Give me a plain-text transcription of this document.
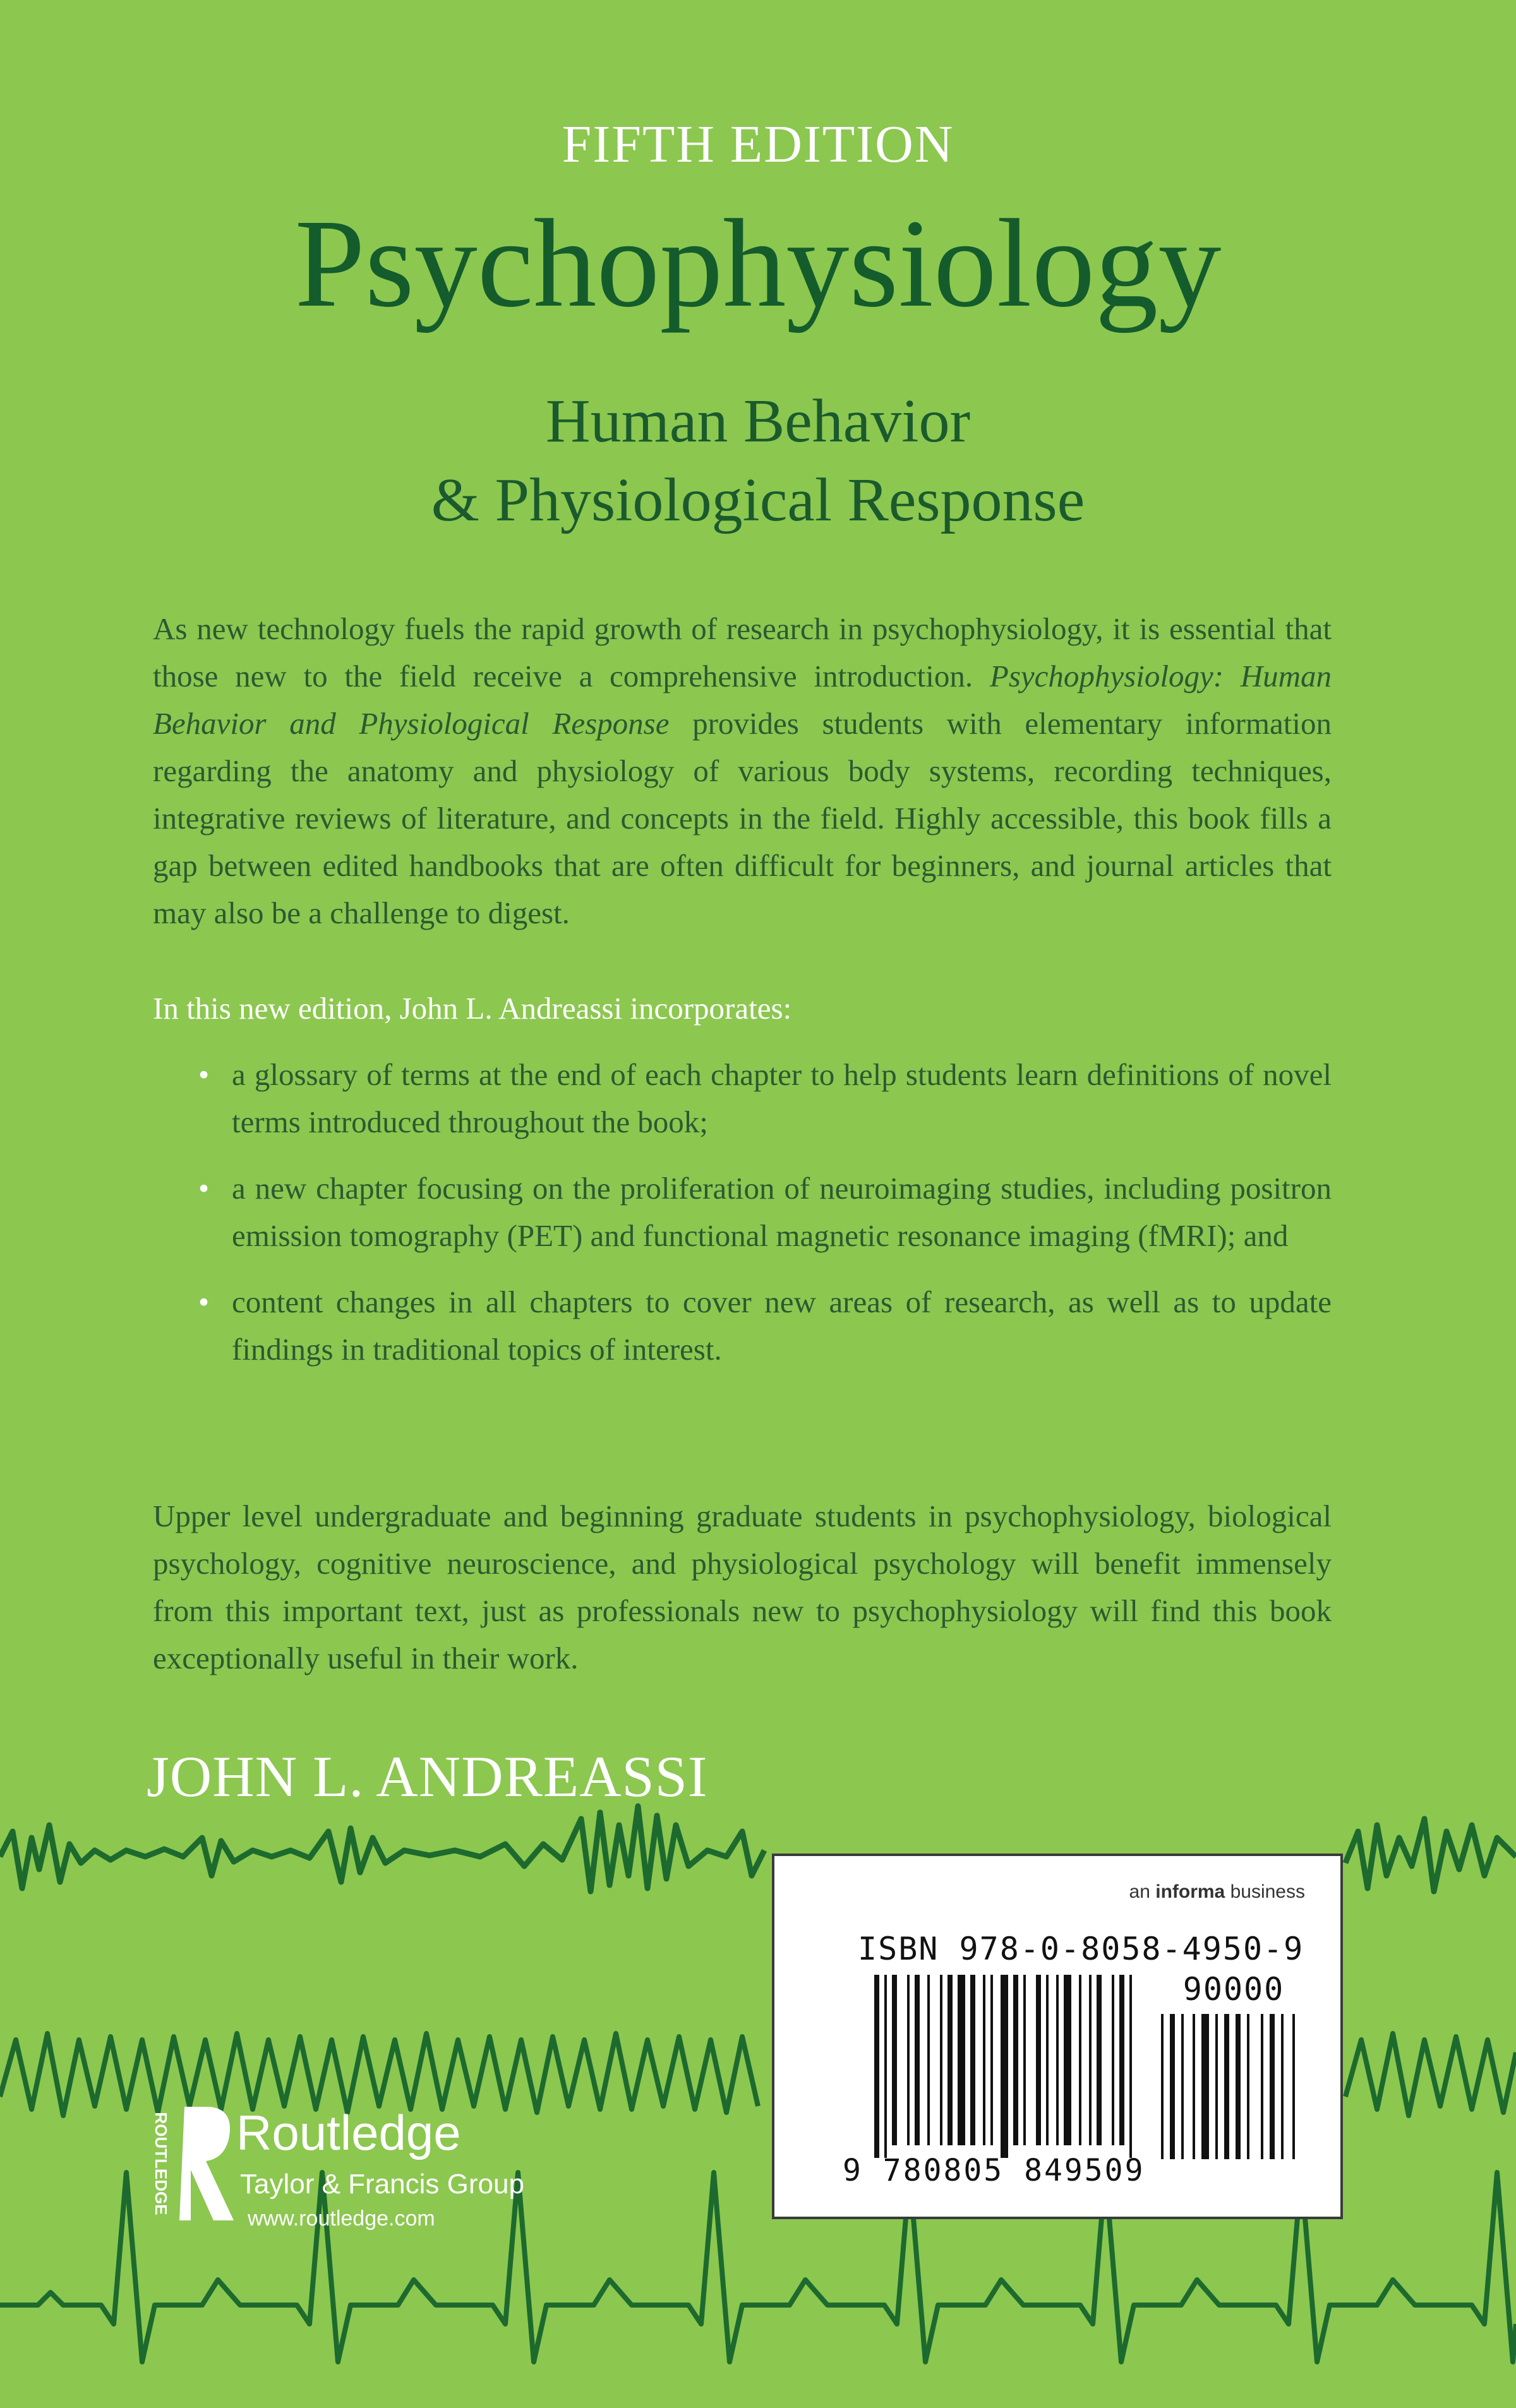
FIFTH EDITION
Psychophysiology
Human Behavior
& Physiological Response
As new technology fuels the rapid growth of research in psychophysiology, it is essential that those new to the field receive a comprehensive introduction. Psychophysiology: Human Behavior and Physiological Response provides students with elementary information regarding the anatomy and physiology of various body systems, recording techniques, integrative reviews of literature, and concepts in the field. Highly accessible, this book fills a gap between edited handbooks that are often difficult for beginners, and journal articles that may also be a challenge to digest.
In this new edition, John L. Andreassi incorporates:
• a glossary of terms at the end of each chapter to help students learn definitions of novel terms introduced throughout the book;
• a new chapter focusing on the proliferation of neuroimaging studies, including positron emission tomography (PET) and functional magnetic resonance imaging (fMRI); and
• content changes in all chapters to cover new areas of research, as well as to update findings in traditional topics of interest.
Upper level undergraduate and beginning graduate students in psychophysiology, biological psychology, cognitive neuroscience, and physiological psychology will benefit immensely from this important text, just as professionals new to psychophysiology will find this book exceptionally useful in their work.
JOHN L. ANDREASSI
ROUTLEDGE Routledge
Taylor & Francis Group
www.routledge.com
an informa business
ISBN 978-0-8058-4950-9
90000
9 780805 849509
